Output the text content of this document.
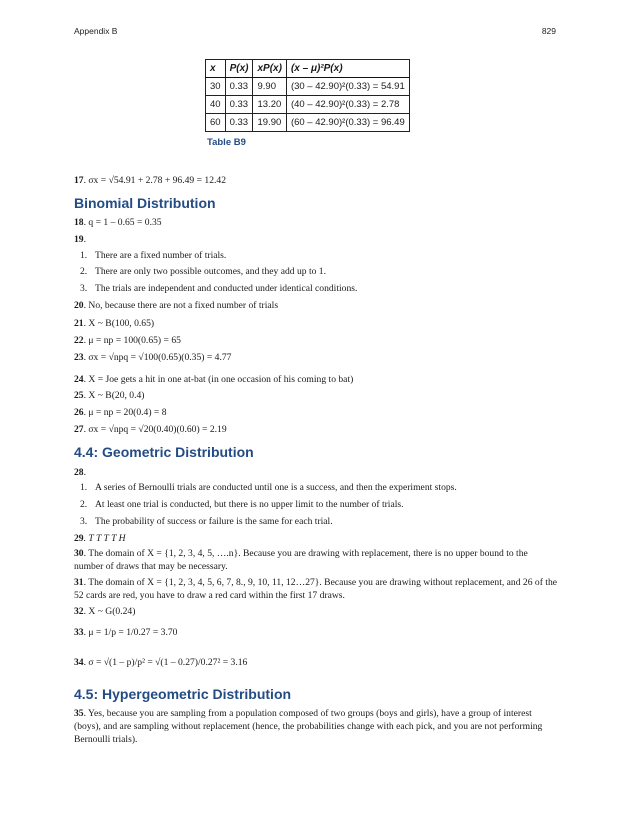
Appendix B	829
x	P(x)	xP(x)	(x – μ)²P(x)
30	0.33	9.90	(30 – 42.90)²(0.33) = 54.91
40	0.33	13.20	(40 – 42.90)²(0.33) = 2.78
60	0.33	19.90	(60 – 42.90)²(0.33) = 96.49
Table B9
17. σx = √54.91 + 2.78 + 96.49 = 12.42
Binomial Distribution
18. q = 1 – 0.65 = 0.35
19.
1. There are a fixed number of trials.
2. There are only two possible outcomes, and they add up to 1.
3. The trials are independent and conducted under identical conditions.
20. No, because there are not a fixed number of trials
21. X ~ B(100, 0.65)
22. μ = np = 100(0.65) = 65
23. σx = √npq = √100(0.65)(0.35) = 4.77
24. X = Joe gets a hit in one at-bat (in one occasion of his coming to bat)
25. X ~ B(20, 0.4)
26. μ = np = 20(0.4) = 8
27. σx = √npq = √20(0.40)(0.60) = 2.19
4.4: Geometric Distribution
28.
1. A series of Bernoulli trials are conducted until one is a success, and then the experiment stops.
2. At least one trial is conducted, but there is no upper limit to the number of trials.
3. The probability of success or failure is the same for each trial.
29. T T T T H
30. The domain of X = {1, 2, 3, 4, 5, ….n}. Because you are drawing with replacement, there is no upper bound to the number of draws that may be necessary.
31. The domain of X = {1, 2, 3, 4, 5, 6, 7, 8., 9, 10, 11, 12…27}. Because you are drawing without replacement, and 26 of the 52 cards are red, you have to draw a red card within the first 17 draws.
32. X ~ G(0.24)
33. μ = 1/p = 1/0.27 = 3.70
34. σ = √(1 – p)/p² = √(1 – 0.27)/0.27² = 3.16
4.5: Hypergeometric Distribution
35. Yes, because you are sampling from a population composed of two groups (boys and girls), have a group of interest (boys), and are sampling without replacement (hence, the probabilities change with each pick, and you are not performing Bernoulli trials).
